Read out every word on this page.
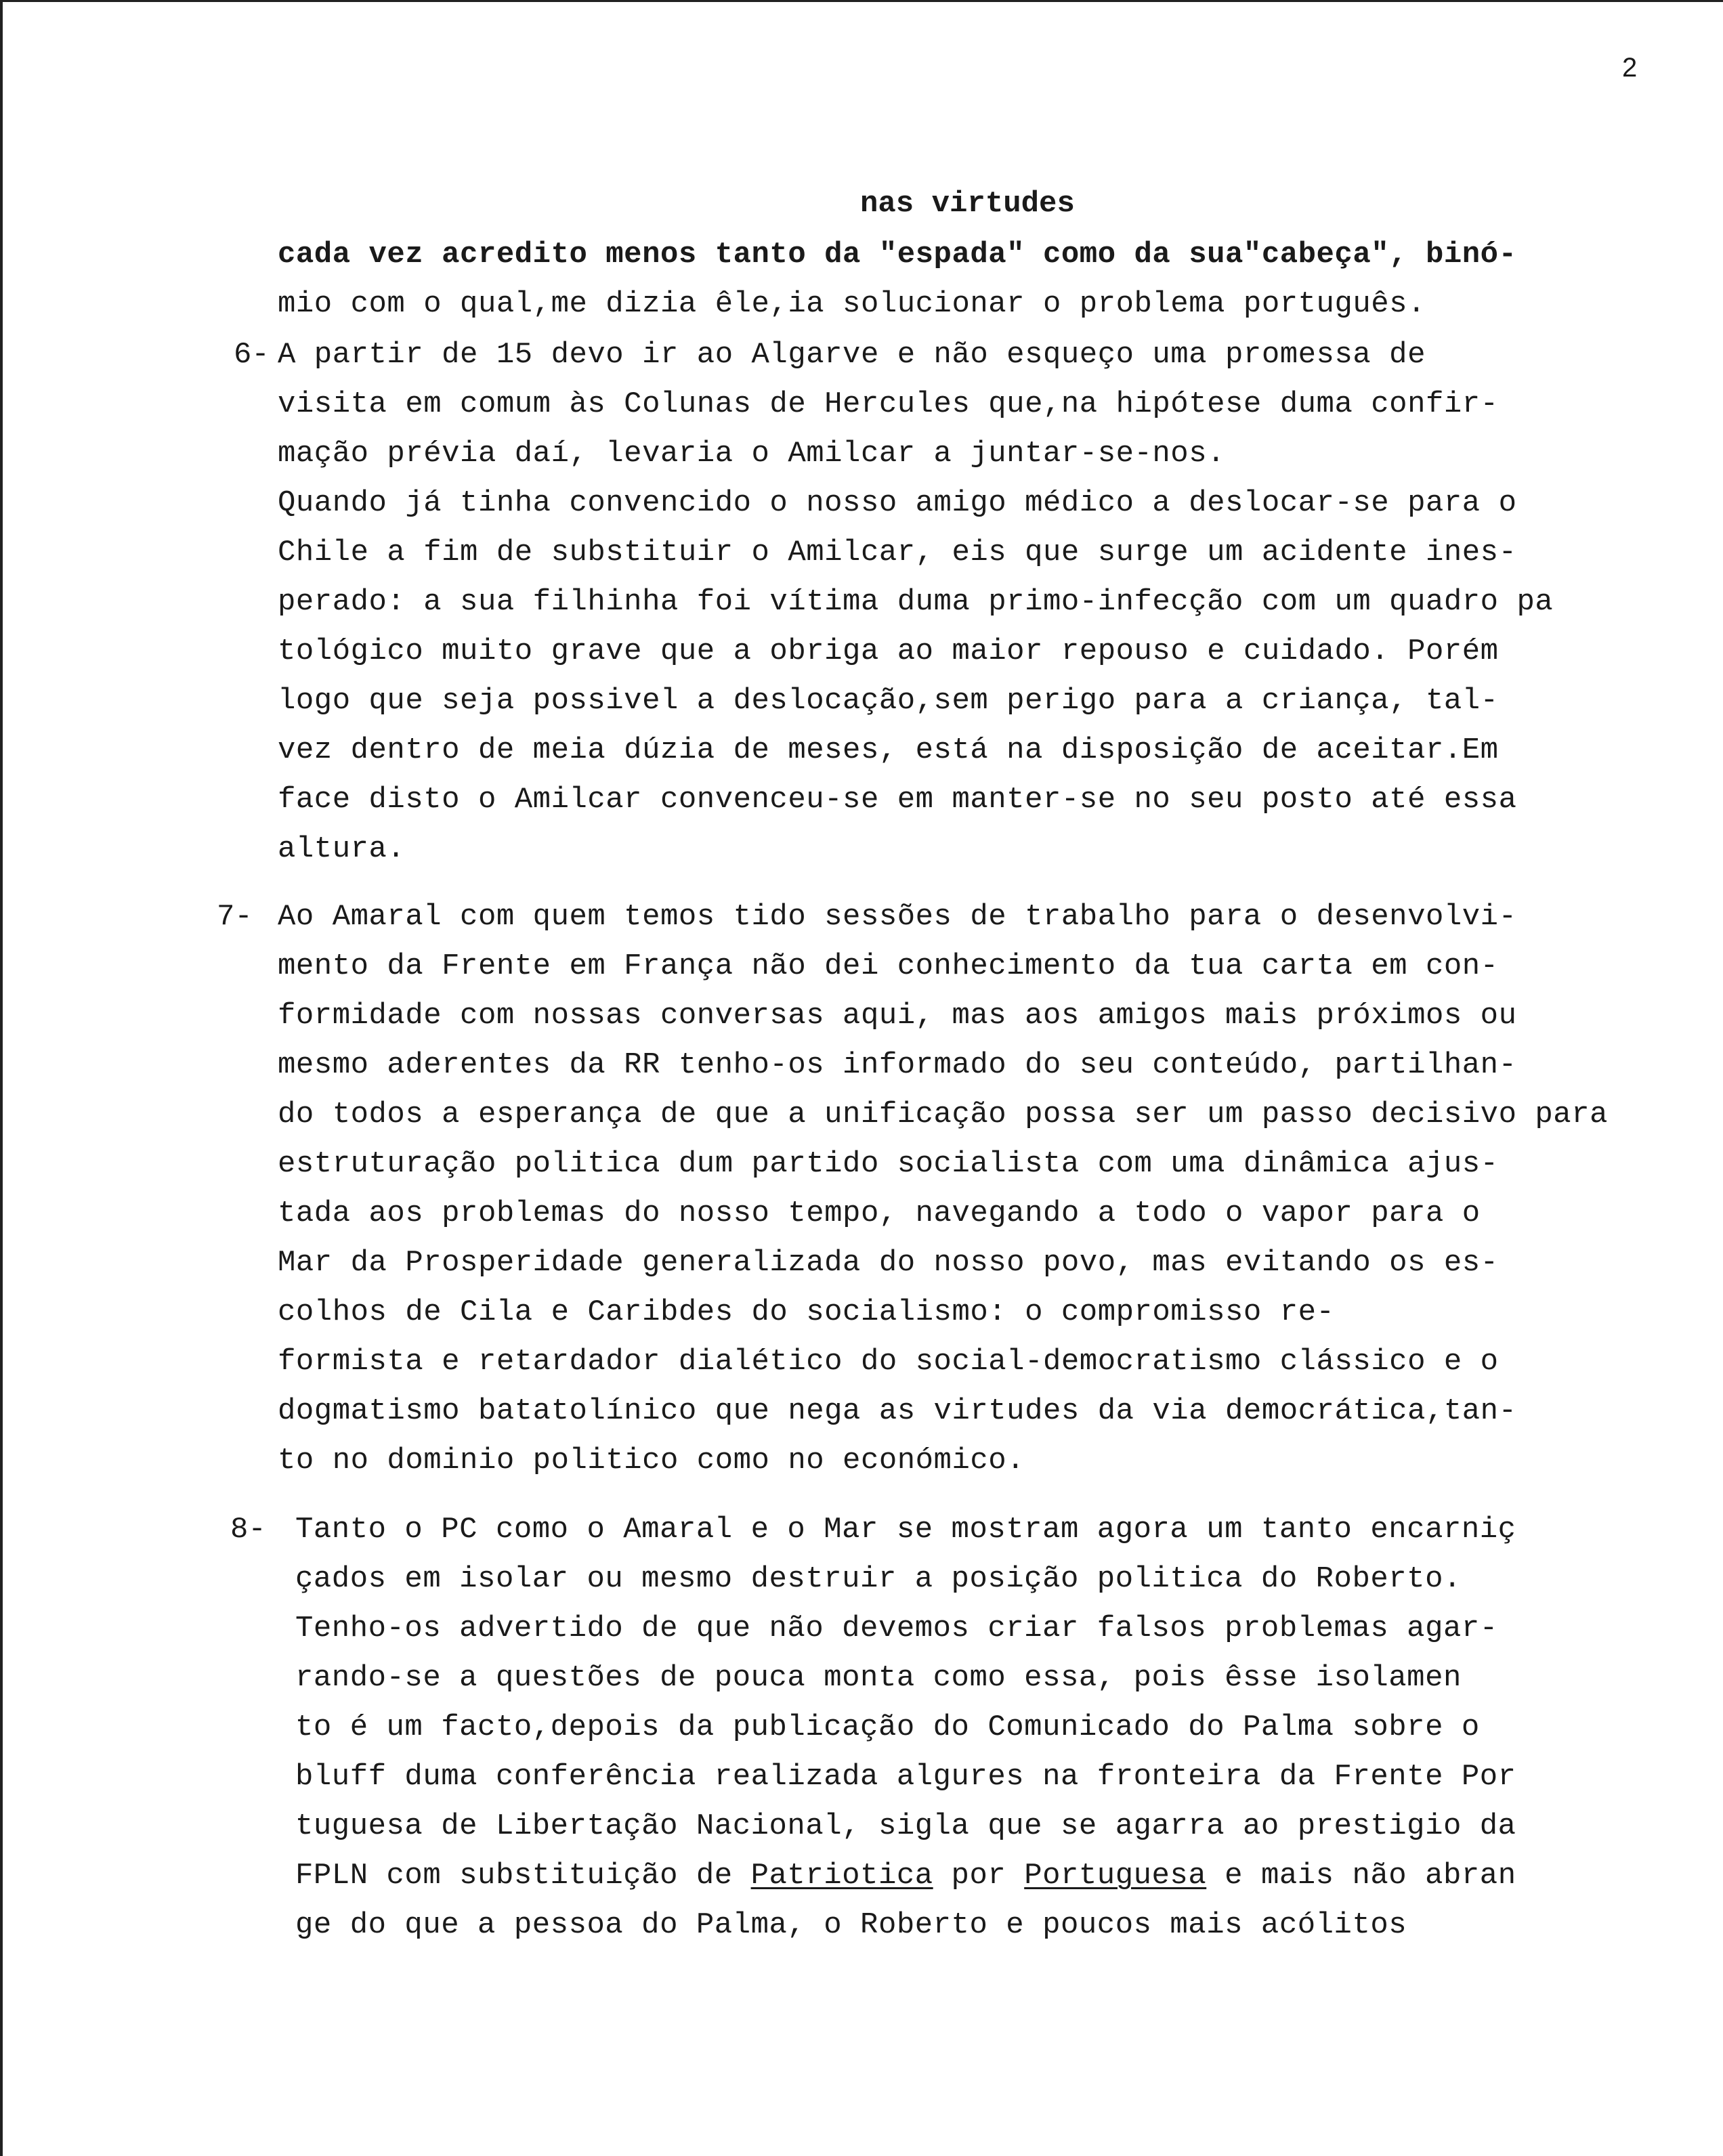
2
nas virtudes
cada vez acredito menos tanto da "espada" como da sua"cabeça", binó-
mio com o qual,me dizia êle,ia solucionar o problema português.
6- A partir de 15 devo ir ao Algarve e não esqueço uma promessa de
visita em comum às Colunas de Hercules que,na hipótese duma confir-
mação prévia daí, levaria o Amilcar a juntar-se-nos.
Quando já tinha convencido o nosso amigo médico a deslocar-se para o
Chile a fim de substituir o Amilcar, eis que surge um acidente ines-
perado: a sua filhinha foi vítima duma primo-infecção com um quadro pa
tológico muito grave que a obriga ao maior repouso e cuidado. Porém
logo que seja possivel a deslocação,sem perigo para a criança, tal-
vez dentro de meia dúzia de meses, está na disposição de aceitar.Em
face disto o Amilcar convenceu-se em manter-se no seu posto até essa
altura.
7- Ao Amaral com quem temos tido sessões de trabalho para o desenvolvi-
mento da Frente em França não dei conhecimento da tua carta em con-
formidade com nossas conversas aqui, mas aos amigos mais próximos ou
mesmo aderentes da RR tenho-os informado do seu conteúdo, partilhan-
do todos a esperança de que a unificação possa ser um passo decisivo para
estruturação politica dum partido socialista com uma dinâmica ajus-
tada aos problemas do nosso tempo, navegando a todo o vapor para o
Mar da Prosperidade generalizada do nosso povo, mas evitando os es-
colhos de Cila e Caribdes do socialismo: o compromisso re-
formista e retardador dialético do social-democratismo clássico e o
dogmatismo batatolínico que nega as virtudes da via democrática,tan-
to no dominio politico como no económico.
8- Tanto o PC como o Amaral e o Mar se mostram agora um tanto encarniç
çados em isolar ou mesmo destruir a posição politica do Roberto.
Tenho-os advertido de que não devemos criar falsos problemas agar-
rando-se a questões de pouca monta como essa, pois êsse isolamen
to é um facto,depois da publicação do Comunicado do Palma sobre o
bluff duma conferência realizada algures na fronteira da Frente Por
tuguesa de Libertação Nacional, sigla que se agarra ao prestigio da
FPLN com substituição de Patriotica por Portuguesa e mais não abran
ge do que a pessoa do Palma, o Roberto e poucos mais acólitos
